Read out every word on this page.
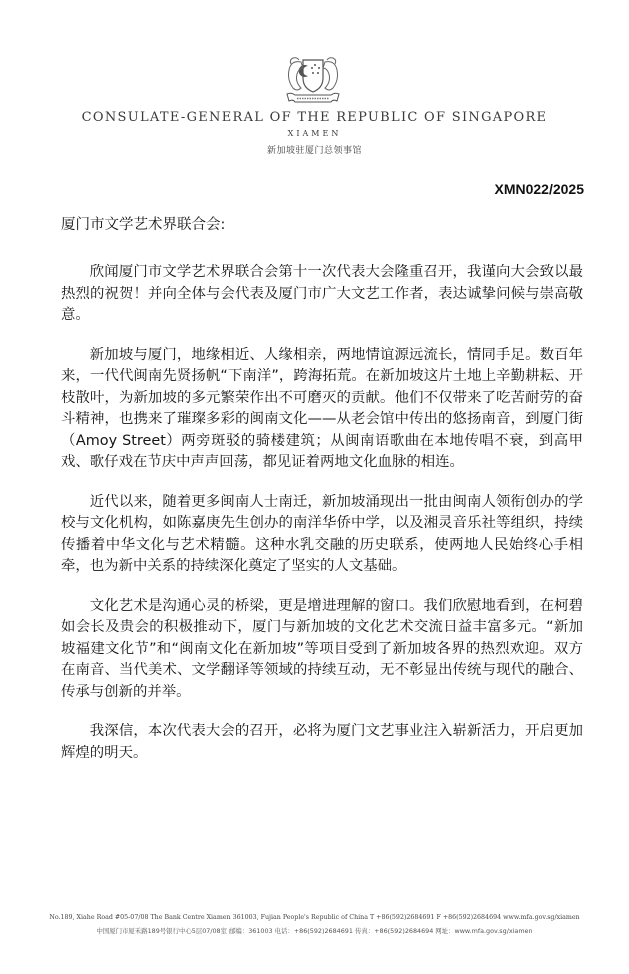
CONSULATE-GENERAL OF THE REPUBLIC OF SINGAPORE
XIAMEN
新加坡驻厦门总领事馆
XMN022/2025
厦门市文学艺术界联合会:

欣闻厦门市文学艺术界联合会第十一次代表大会隆重召开，我谨向大会致以最热烈的祝贺！并向全体与会代表及厦门市广大文艺工作者，表达诚挚问候与崇高敬意。

新加坡与厦门，地缘相近、人缘相亲，两地情谊源远流长，情同手足。数百年来，一代代闽南先贤扬帆“下南洋”，跨海拓荒。在新加坡这片土地上辛勤耕耘、开枝散叶，为新加坡的多元繁荣作出不可磨灭的贡献。他们不仅带来了吃苦耐劳的奋斗精神，也携来了璀璨多彩的闽南文化——从老会馆中传出的悠扬南音，到厦门街（Amoy Street）两旁斑驳的骑楼建筑；从闽南语歌曲在本地传唱不衰，到高甲戏、歌仔戏在节庆中声声回荡，都见证着两地文化血脉的相连。

近代以来，随着更多闽南人士南迁，新加坡涌现出一批由闽南人领衔创办的学校与文化机构，如陈嘉庚先生创办的南洋华侨中学，以及湘灵音乐社等组织，持续传播着中华文化与艺术精髓。这种水乳交融的历史联系，使两地人民始终心手相牵，也为新中关系的持续深化奠定了坚实的人文基础。

文化艺术是沟通心灵的桥梁，更是增进理解的窗口。我们欣慰地看到，在柯碧如会长及贵会的积极推动下，厦门与新加坡的文化艺术交流日益丰富多元。“新加坡福建文化节”和“闽南文化在新加坡”等项目受到了新加坡各界的热烈欢迎。双方在南音、当代美术、文学翻译等领域的持续互动，无不彰显出传统与现代的融合、传承与创新的并举。

我深信，本次代表大会的召开，必将为厦门文艺事业注入崭新活力，开启更加辉煌的明天。

No.189, Xiahe Road #05-07/08 The Bank Centre Xiamen 361003, Fujian People's Republic of China T +86(592)2684691 F +86(592)2684694 www.mfa.gov.sg/xiamen
中国厦门市厦禾路189号银行中心5层07/08室 邮编：361003 电话：+86(592)2684691 传真：+86(592)2684694 网址：www.mfa.gov.sg/xiamen
